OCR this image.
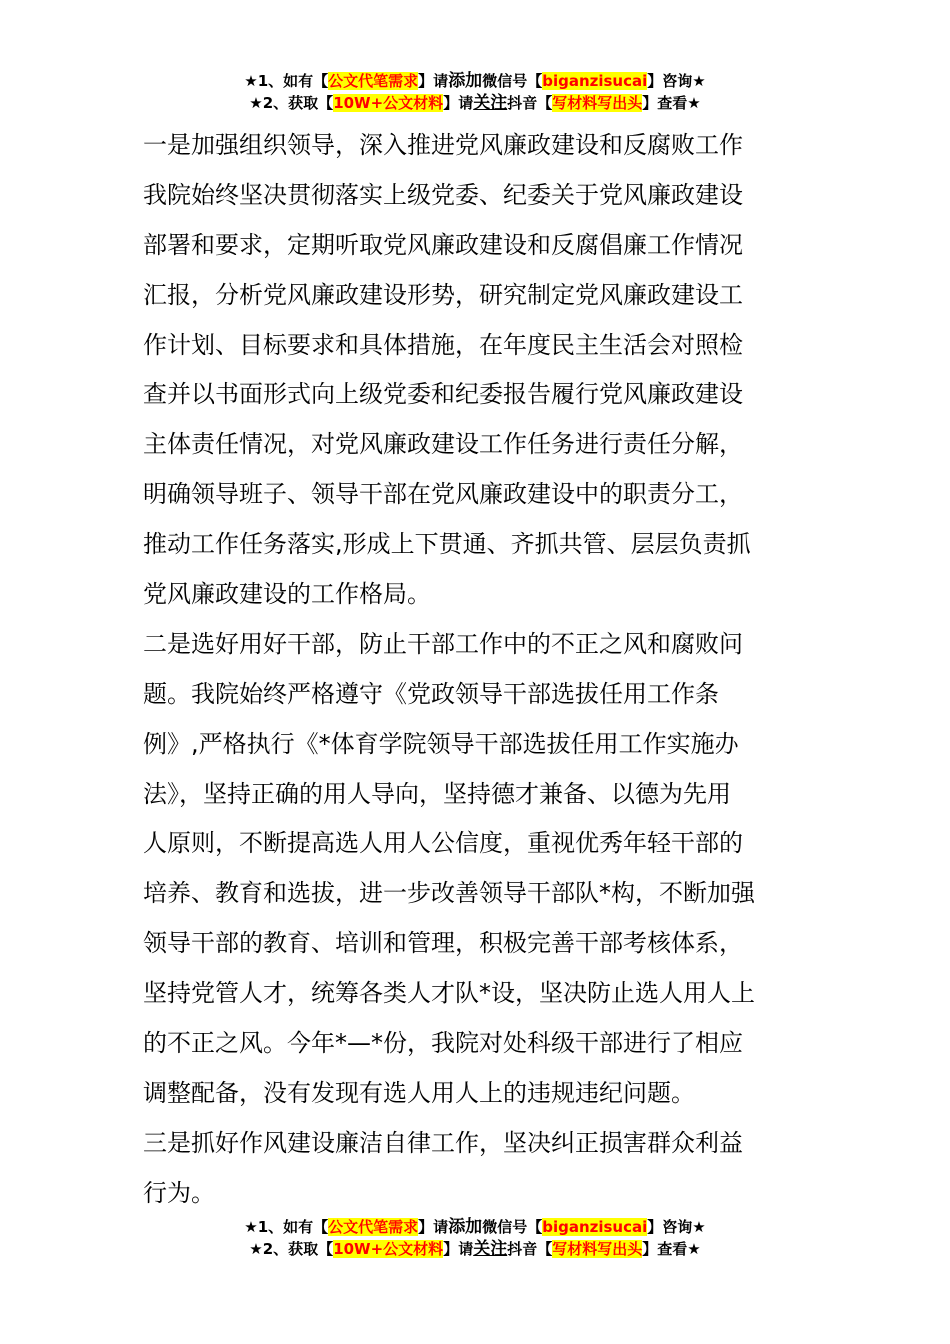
★1、如有【公文代笔需求】请添加微信号【biganzisucai】咨询★
★2、获取【10W+公文材料】请关注抖音【写材料写出头】查看★
一是加强组织领导，深入推进党风廉政建设和反腐败工作
我院始终坚决贯彻落实上级党委、纪委关于党风廉政建设
部署和要求，定期听取党风廉政建设和反腐倡廉工作情况
汇报，分析党风廉政建设形势，研究制定党风廉政建设工
作计划、目标要求和具体措施，在年度民主生活会对照检
查并以书面形式向上级党委和纪委报告履行党风廉政建设
主体责任情况，对党风廉政建设工作任务进行责任分解，
明确领导班子、领导干部在党风廉政建设中的职责分工，
推动工作任务落实,形成上下贯通、齐抓共管、层层负责抓
党风廉政建设的工作格局。
二是选好用好干部，防止干部工作中的不正之风和腐败问
题。我院始终严格遵守《党政领导干部选拔任用工作条
例》,严格执行《*体育学院领导干部选拔任用工作实施办
法》，坚持正确的用人导向，坚持德才兼备、以德为先用
人原则，不断提高选人用人公信度，重视优秀年轻干部的
培养、教育和选拔，进一步改善领导干部队*构，不断加强
领导干部的教育、培训和管理，积极完善干部考核体系，
坚持党管人才，统筹各类人才队*设，坚决防止选人用人上
的不正之风。今年*—*份，我院对处科级干部进行了相应
调整配备，没有发现有选人用人上的违规违纪问题。
三是抓好作风建设廉洁自律工作，坚决纠正损害群众利益
行为。
★1、如有【公文代笔需求】请添加微信号【biganzisucai】咨询★
★2、获取【10W+公文材料】请关注抖音【写材料写出头】查看★
